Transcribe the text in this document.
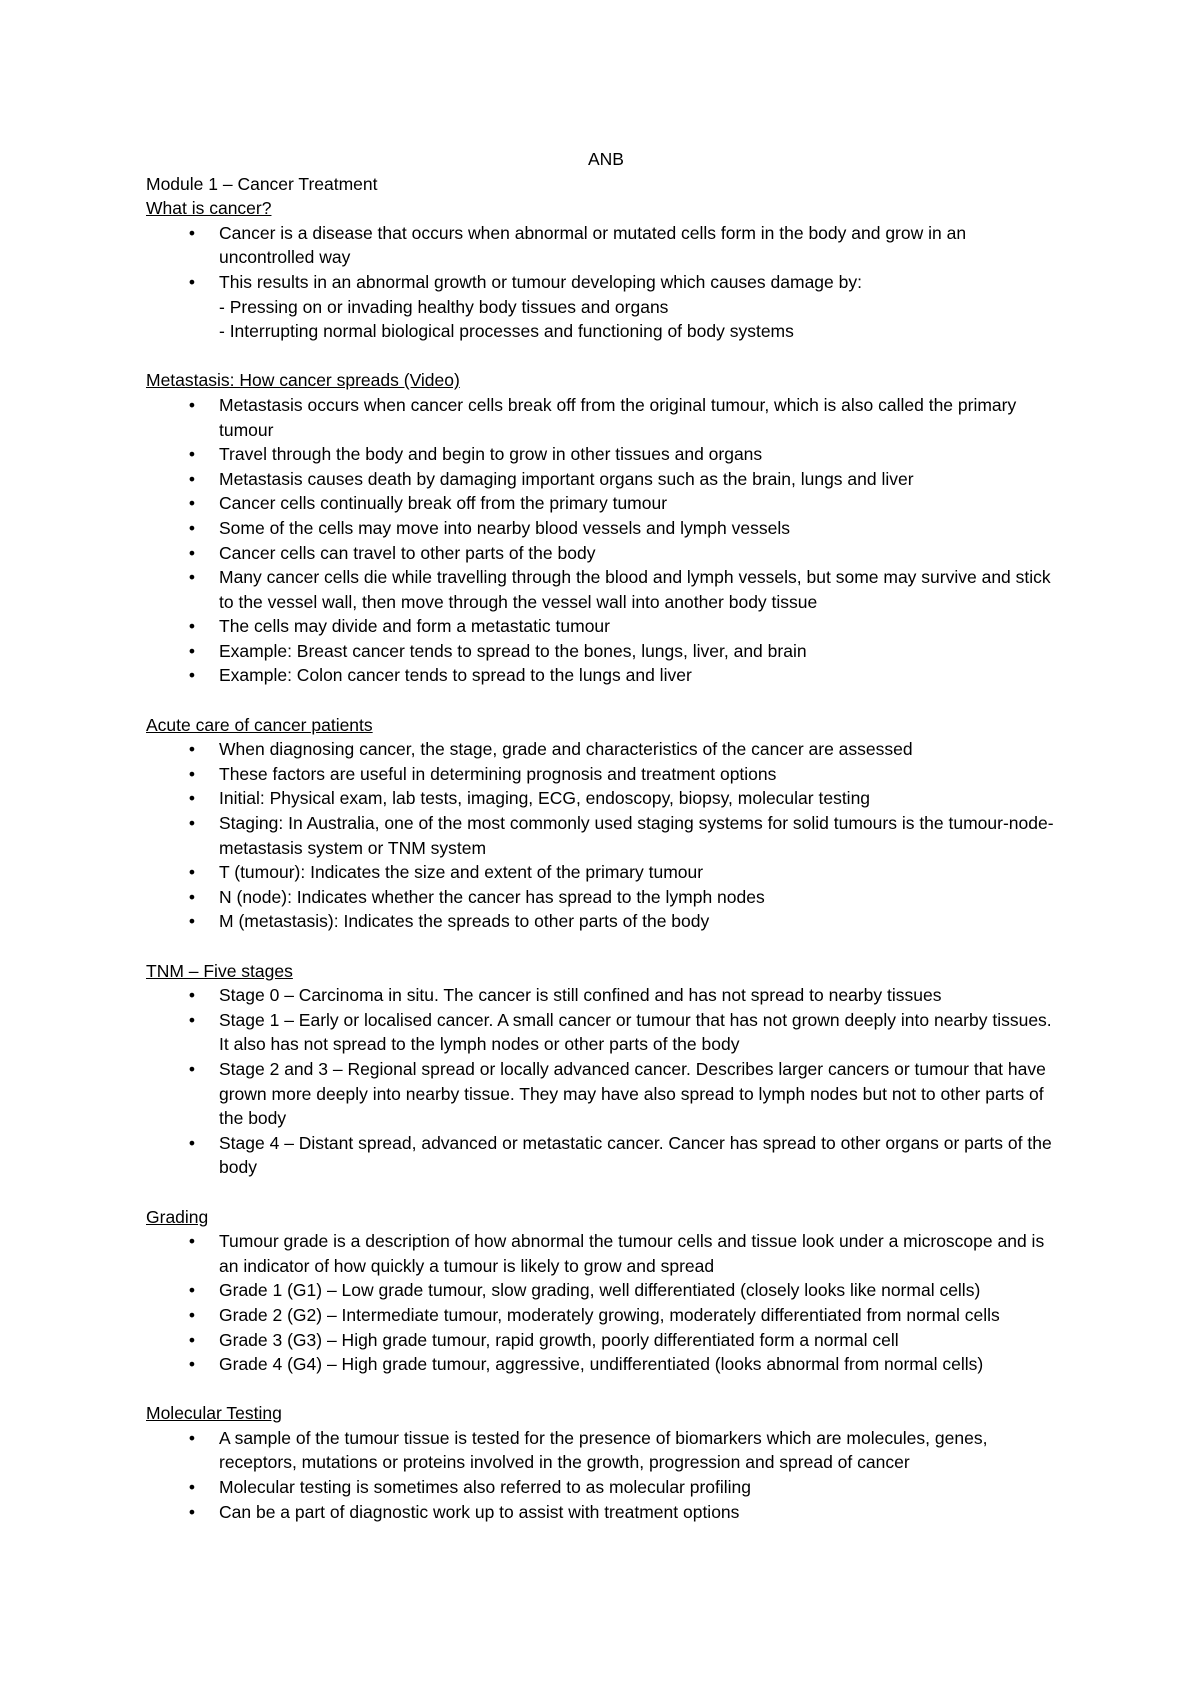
ANB
Module 1 – Cancer Treatment
What is cancer?
• Cancer is a disease that occurs when abnormal or mutated cells form in the body and grow in an uncontrolled way
• This results in an abnormal growth or tumour developing which causes damage by:
- Pressing on or invading healthy body tissues and organs
- Interrupting normal biological processes and functioning of body systems
Metastasis: How cancer spreads (Video)
• Metastasis occurs when cancer cells break off from the original tumour, which is also called the primary tumour
• Travel through the body and begin to grow in other tissues and organs
• Metastasis causes death by damaging important organs such as the brain, lungs and liver
• Cancer cells continually break off from the primary tumour
• Some of the cells may move into nearby blood vessels and lymph vessels
• Cancer cells can travel to other parts of the body
• Many cancer cells die while travelling through the blood and lymph vessels, but some may survive and stick to the vessel wall, then move through the vessel wall into another body tissue
• The cells may divide and form a metastatic tumour
• Example: Breast cancer tends to spread to the bones, lungs, liver, and brain
• Example: Colon cancer tends to spread to the lungs and liver
Acute care of cancer patients
• When diagnosing cancer, the stage, grade and characteristics of the cancer are assessed
• These factors are useful in determining prognosis and treatment options
• Initial: Physical exam, lab tests, imaging, ECG, endoscopy, biopsy, molecular testing
• Staging: In Australia, one of the most commonly used staging systems for solid tumours is the tumour-node-metastasis system or TNM system
• T (tumour): Indicates the size and extent of the primary tumour
• N (node): Indicates whether the cancer has spread to the lymph nodes
• M (metastasis): Indicates the spreads to other parts of the body
TNM – Five stages
• Stage 0 – Carcinoma in situ. The cancer is still confined and has not spread to nearby tissues
• Stage 1 – Early or localised cancer. A small cancer or tumour that has not grown deeply into nearby tissues. It also has not spread to the lymph nodes or other parts of the body
• Stage 2 and 3 – Regional spread or locally advanced cancer. Describes larger cancers or tumour that have grown more deeply into nearby tissue. They may have also spread to lymph nodes but not to other parts of the body
• Stage 4 – Distant spread, advanced or metastatic cancer. Cancer has spread to other organs or parts of the body
Grading
• Tumour grade is a description of how abnormal the tumour cells and tissue look under a microscope and is an indicator of how quickly a tumour is likely to grow and spread
• Grade 1 (G1) – Low grade tumour, slow grading, well differentiated (closely looks like normal cells)
• Grade 2 (G2) – Intermediate tumour, moderately growing, moderately differentiated from normal cells
• Grade 3 (G3) – High grade tumour, rapid growth, poorly differentiated form a normal cell
• Grade 4 (G4) – High grade tumour, aggressive, undifferentiated (looks abnormal from normal cells)
Molecular Testing
• A sample of the tumour tissue is tested for the presence of biomarkers which are molecules, genes, receptors, mutations or proteins involved in the growth, progression and spread of cancer
• Molecular testing is sometimes also referred to as molecular profiling
• Can be a part of diagnostic work up to assist with treatment options
